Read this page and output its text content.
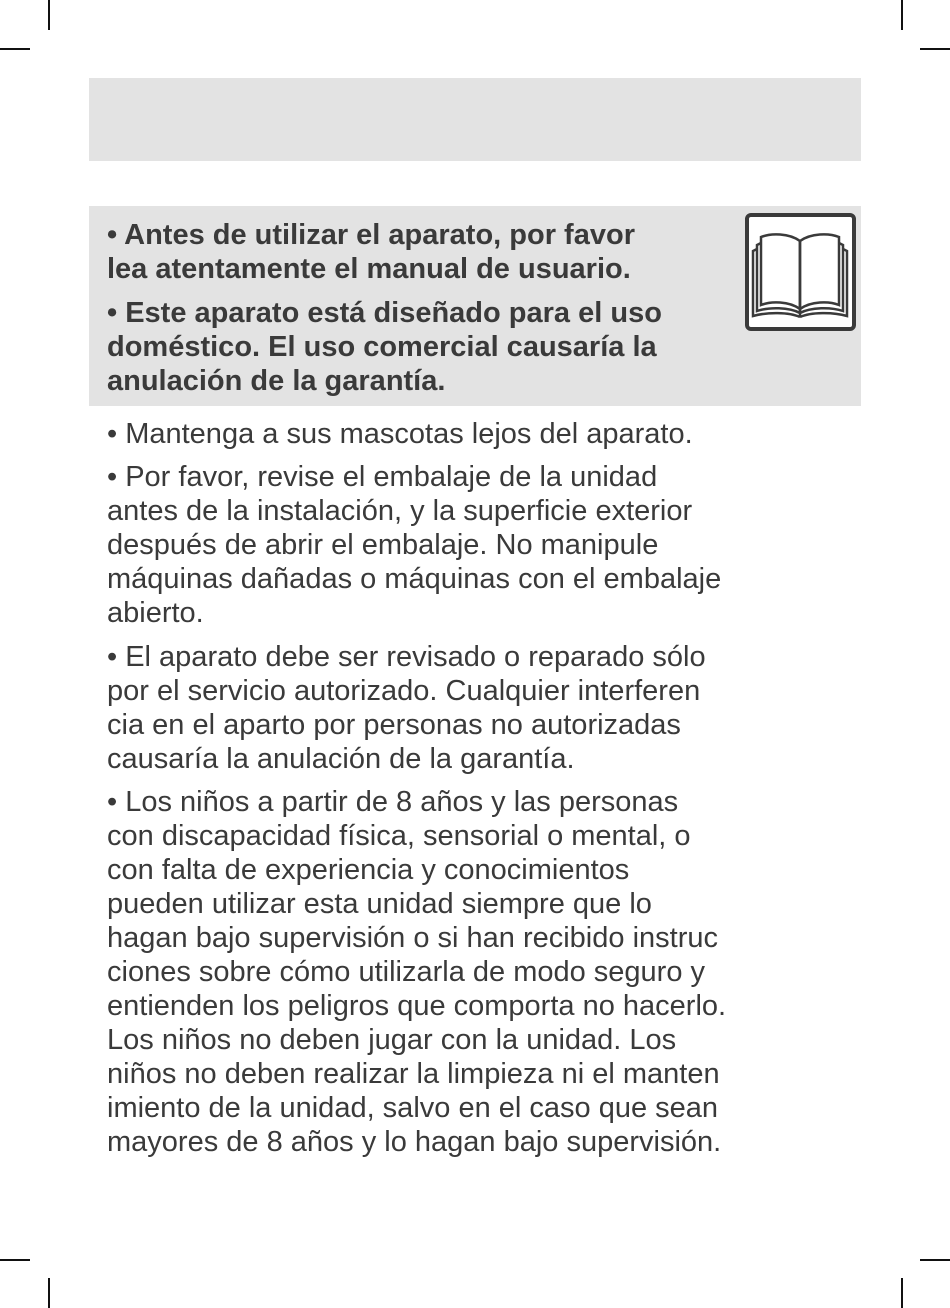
• Antes de utilizar el aparato, por favor
lea atentamente el manual de usuario.

• Este aparato está diseñado para el uso
doméstico. El uso comercial causaría la
anulación de la garantía.

• Mantenga a sus mascotas lejos del aparato.

• Por favor, revise el embalaje de la unidad
antes de la instalación, y la superficie exterior
después de abrir el embalaje. No manipule
máquinas dañadas o máquinas con el embalaje
abierto.

• El aparato debe ser revisado o reparado sólo
por el servicio autorizado. Cualquier interferen
cia en el aparto por personas no autorizadas
causaría la anulación de la garantía.

• Los niños a partir de 8 años y las personas
con discapacidad física, sensorial o mental, o
con falta de experiencia y conocimientos
pueden utilizar esta unidad siempre que lo
hagan bajo supervisión o si han recibido instruc
ciones sobre cómo utilizarla de modo seguro y
entienden los peligros que comporta no hacerlo.
Los niños no deben jugar con la unidad. Los
niños no deben realizar la limpieza ni el manten
imiento de la unidad, salvo en el caso que sean
mayores de 8 años y lo hagan bajo supervisión.
